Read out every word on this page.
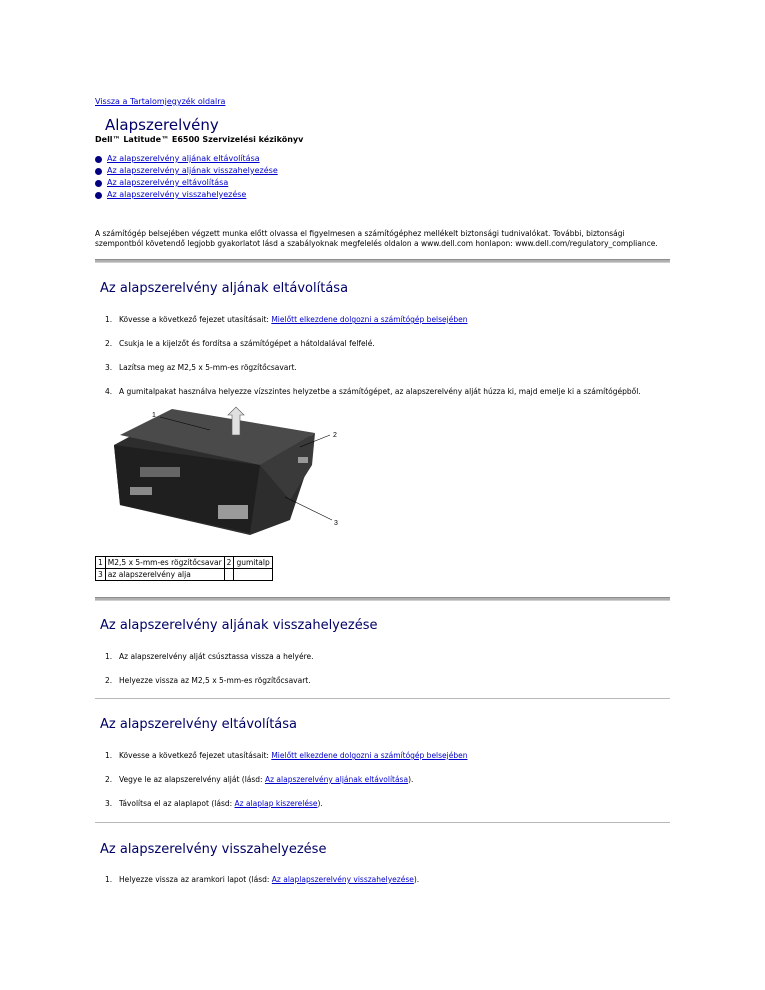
Vissza a Tartalomjegyzék oldalra
Alapszerelvény
Dell™ Latitude™ E6500 Szervizelési kézikönyv
Az alapszerelvény aljának eltávolítása
Az alapszerelvény aljának visszahelyezése
Az alapszerelvény eltávolítása
Az alapszerelvény visszahelyezése
A számítógép belsejében végzett munka előtt olvassa el figyelmesen a számítógéphez mellékelt biztonsági tudnivalókat. További, biztonsági szempontból követendő legjobb gyakorlatot lásd a szabályoknak megfelelés oldalon a www.dell.com honlapon: www.dell.com/regulatory_compliance.
Az alapszerelvény aljának eltávolítása
1. Kövesse a következő fejezet utasításait: Mielőtt elkezdene dolgozni a számítógép belsejében
2. Csukja le a kijelzőt és fordítsa a számítógépet a hátoldalával felfelé.
3. Lazítsa meg az M2,5 x 5-mm-es rögzítőcsavart.
4. A gumitalpakat használva helyezze vízszintes helyzetbe a számítógépet, az alapszerelvény alját húzza ki, majd emelje ki a számítógépből.
1
2
3
1	M2,5 x 5-mm-es rögzítőcsavar	2	gumitalp
3	az alapszerelvény alja		
Az alapszerelvény aljának visszahelyezése
1. Az alapszerelvény alját csúsztassa vissza a helyére.
2. Helyezze vissza az M2,5 x 5-mm-es rögzítőcsavart.
Az alapszerelvény eltávolítása
1. Kövesse a következő fejezet utasításait: Mielőtt elkezdene dolgozni a számítógép belsejében
2. Vegye le az alapszerelvény alját (lásd: Az alapszerelvény aljának eltávolítása).
3. Távolítsa el az alaplapot (lásd: Az alaplap kiszerelése).
Az alapszerelvény visszahelyezése
1. Helyezze vissza az aramkori lapot (lásd: Az alaplapszerelvény visszahelyezése).
